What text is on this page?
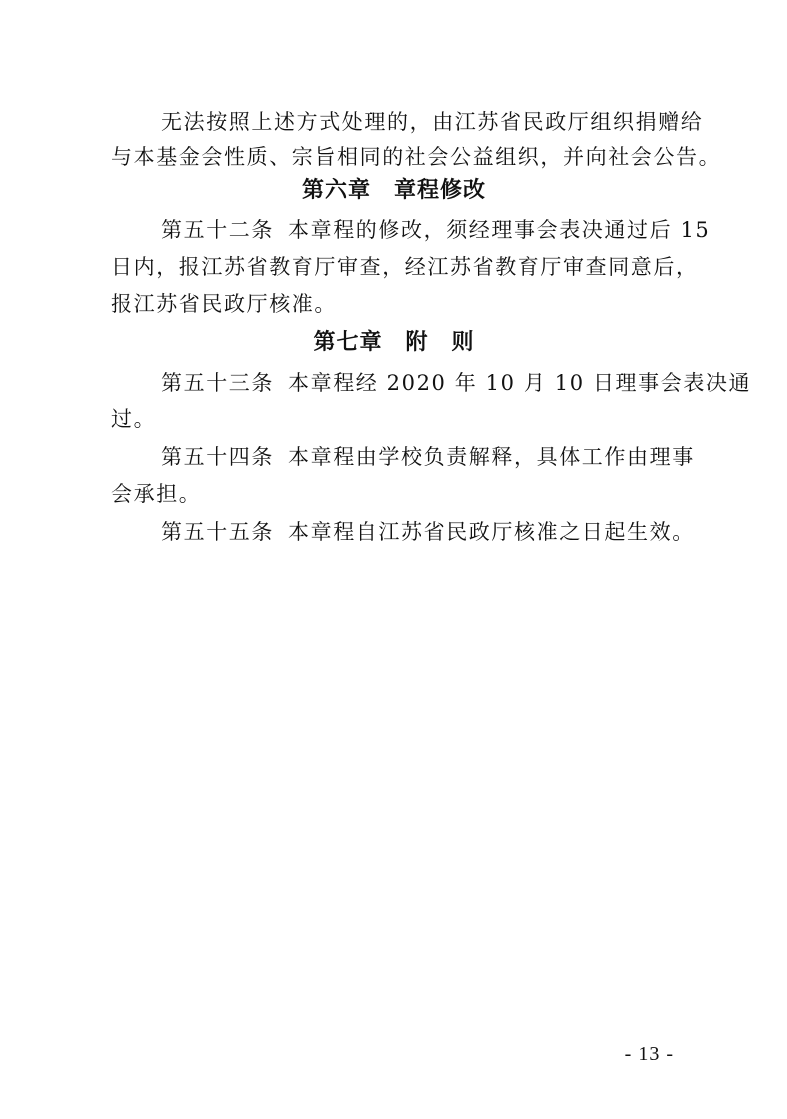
无法按照上述方式处理的，由江苏省民政厅组织捐赠给
与本基金会性质、宗旨相同的社会公益组织，并向社会公告。
第六章　章程修改
第五十二条 本章程的修改，须经理事会表决通过后 15
日内，报江苏省教育厅审查，经江苏省教育厅审查同意后，
报江苏省民政厅核准。
第七章　附　则
第五十三条 本章程经 2020 年 10 月 10 日理事会表决通
过。
第五十四条 本章程由学校负责解释，具体工作由理事
会承担。
第五十五条 本章程自江苏省民政厅核准之日起生效。
- 13 -
